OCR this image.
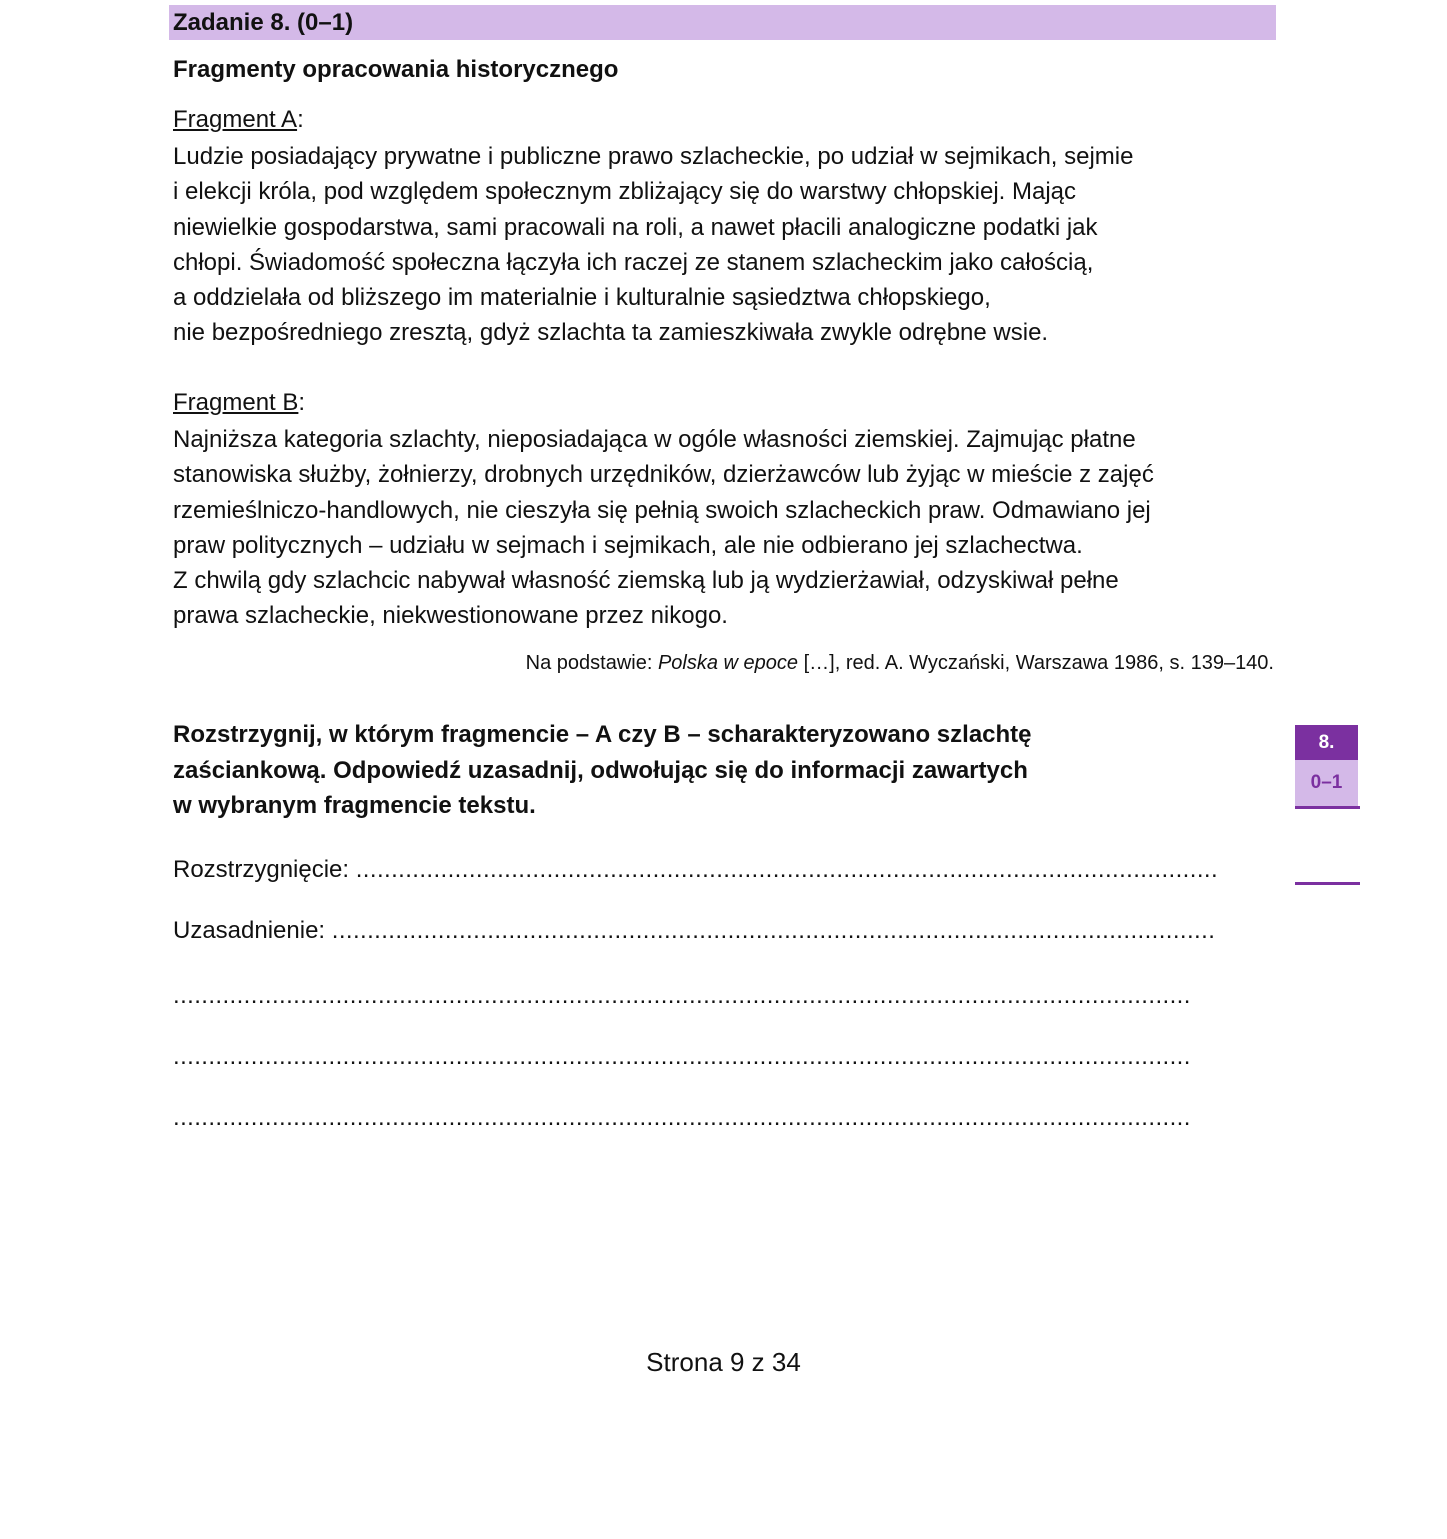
Zadanie 8. (0–1)
Fragmenty opracowania historycznego
Fragment A:
Ludzie posiadający prywatne i publiczne prawo szlacheckie, po udział w sejmikach, sejmie
i elekcji króla, pod względem społecznym zbliżający się do warstwy chłopskiej. Mając
niewielkie gospodarstwa, sami pracowali na roli, a nawet płacili analogiczne podatki jak
chłopi. Świadomość społeczna łączyła ich raczej ze stanem szlacheckim jako całością,
a oddzielała od bliższego im materialnie i kulturalnie sąsiedztwa chłopskiego,
nie bezpośredniego zresztą, gdyż szlachta ta zamieszkiwała zwykle odrębne wsie.
Fragment B:
Najniższa kategoria szlachty, nieposiadająca w ogóle własności ziemskiej. Zajmując płatne
stanowiska służby, żołnierzy, drobnych urzędników, dzierżawców lub żyjąc w mieście z zajęć
rzemieślniczo-handlowych, nie cieszyła się pełnią swoich szlacheckich praw. Odmawiano jej
praw politycznych – udziału w sejmach i sejmikach, ale nie odbierano jej szlachectwa.
Z chwilą gdy szlachcic nabywał własność ziemską lub ją wydzierżawiał, odzyskiwał pełne
prawa szlacheckie, niekwestionowane przez nikogo.
Na podstawie: Polska w epoce […], red. A. Wyczański, Warszawa 1986, s. 139–140.
Rozstrzygnij, w którym fragmencie – A czy B – scharakteryzowano szlachtę
zaściankową. Odpowiedź uzasadnij, odwołując się do informacji zawartych
w wybranym fragmencie tekstu.
Rozstrzygnięcie: ..........................................................................................................................
Uzasadnienie: .............................................................................................................................
................................................................................................................................................
................................................................................................................................................
................................................................................................................................................
8.
0–1
Strona 9 z 34
